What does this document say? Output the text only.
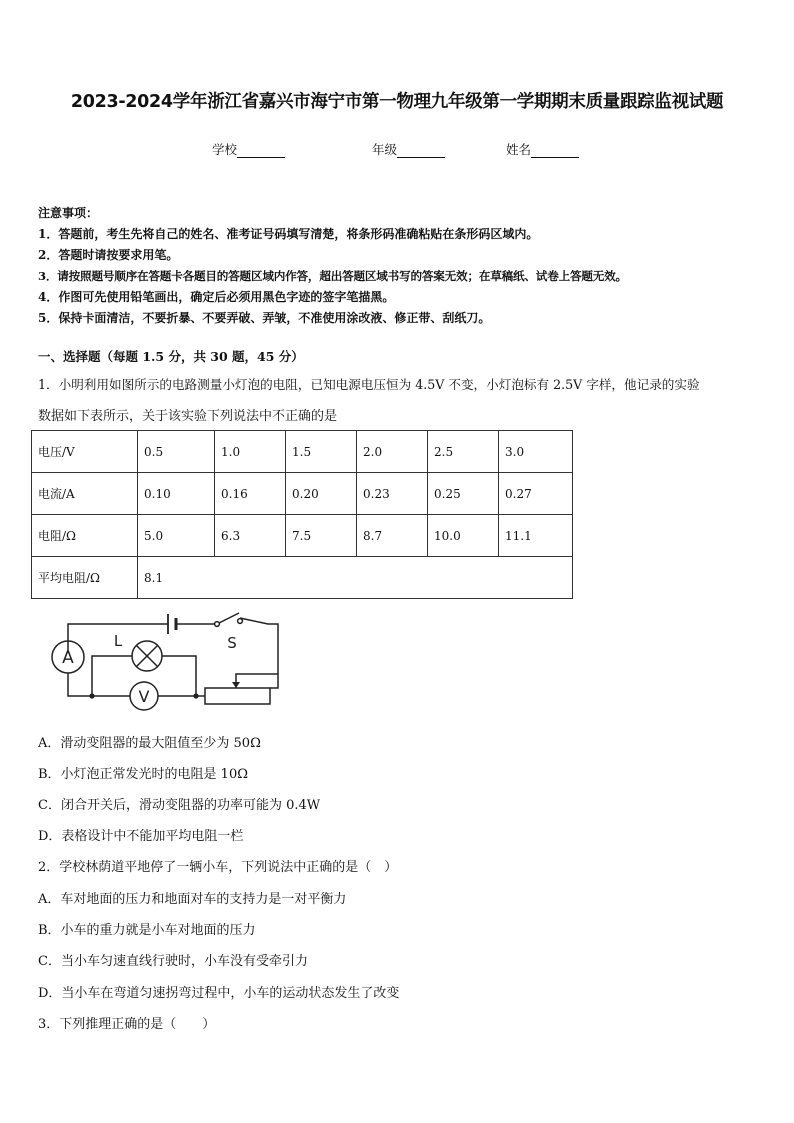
2023-2024学年浙江省嘉兴市海宁市第一物理九年级第一学期期末质量跟踪监视试题
学校	年级	姓名
注意事项：
1．答题前，考生先将自己的姓名、准考证号码填写清楚，将条形码准确粘贴在条形码区域内。
2．答题时请按要求用笔。
3．请按照题号顺序在答题卡各题目的答题区域内作答，超出答题区域书写的答案无效；在草稿纸、试卷上答题无效。
4．作图可先使用铅笔画出，确定后必须用黑色字迹的签字笔描黑。
5．保持卡面清洁，不要折暴、不要弄破、弄皱，不准使用涂改液、修正带、刮纸刀。
一、选择题（每题 1.5 分，共 30 题，45 分）
1．小明利用如图所示的电路测量小灯泡的电阻，已知电源电压恒为 4.5V 不变，小灯泡标有 2.5V 字样，他记录的实验
数据如下表所示，关于该实验下列说法中不正确的是
电压/V	0.5	1.0	1.5	2.0	2.5	3.0
电流/A	0.10	0.16	0.20	0.23	0.25	0.27
电阻/Ω	5.0	6.3	7.5	8.7	10.0	11.1
平均电阻/Ω	8.1					
A
L	S
V
A．滑动变阻器的最大阻值至少为 50Ω
B．小灯泡正常发光时的电阻是 10Ω
C．闭合开关后，滑动变阻器的功率可能为 0.4W
D．表格设计中不能加平均电阻一栏
2．学校林荫道平地停了一辆小车，下列说法中正确的是（　）
A．车对地面的压力和地面对车的支持力是一对平衡力
B．小车的重力就是小车对地面的压力
C．当小车匀速直线行驶时，小车没有受牵引力
D．当小车在弯道匀速拐弯过程中，小车的运动状态发生了改变
3．下列推理正确的是（　　）
